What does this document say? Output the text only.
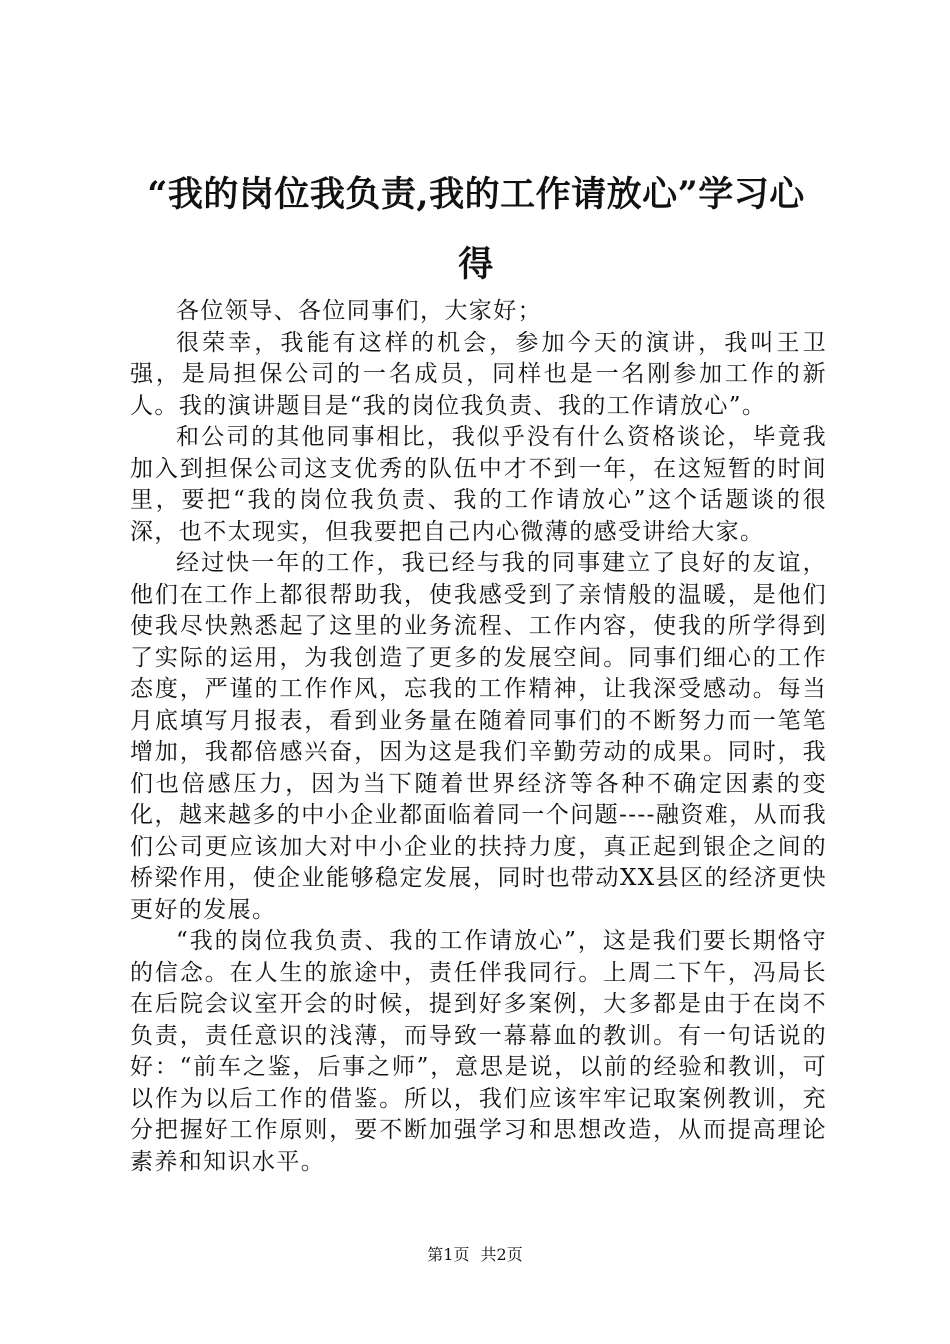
“我的岗位我负责,我的工作请放心”学习心得

各位领导、各位同事们，大家好；

很荣幸，我能有这样的机会，参加今天的演讲，我叫王卫强，是局担保公司的一名成员，同样也是一名刚参加工作的新人。我的演讲题目是“我的岗位我负责、我的工作请放心”。

和公司的其他同事相比，我似乎没有什么资格谈论，毕竟我加入到担保公司这支优秀的队伍中才不到一年，在这短暂的时间里，要把“我的岗位我负责、我的工作请放心”这个话题谈的很深，也不太现实，但我要把自己内心微薄的感受讲给大家。

经过快一年的工作，我已经与我的同事建立了良好的友谊，他们在工作上都很帮助我，使我感受到了亲情般的温暖，是他们使我尽快熟悉起了这里的业务流程、工作内容，使我的所学得到了实际的运用，为我创造了更多的发展空间。同事们细心的工作态度，严谨的工作作风，忘我的工作精神，让我深受感动。每当月底填写月报表，看到业务量在随着同事们的不断努力而一笔笔增加，我都倍感兴奋，因为这是我们辛勤劳动的成果。同时，我们也倍感压力，因为当下随着世界经济等各种不确定因素的变化，越来越多的中小企业都面临着同一个问题----融资难，从而我们公司更应该加大对中小企业的扶持力度，真正起到银企之间的桥梁作用，使企业能够稳定发展，同时也带动XX县区的经济更快更好的发展。

“我的岗位我负责、我的工作请放心”，这是我们要长期恪守的信念。在人生的旅途中，责任伴我同行。上周二下午，冯局长在后院会议室开会的时候，提到好多案例，大多都是由于在岗不负责，责任意识的浅薄，而导致一幕幕血的教训。有一句话说的好：“前车之鉴，后事之师”，意思是说，以前的经验和教训，可以作为以后工作的借鉴。所以，我们应该牢牢记取案例教训，充分把握好工作原则，要不断加强学习和思想改造，从而提高理论素养和知识水平。

第1页 共2页
